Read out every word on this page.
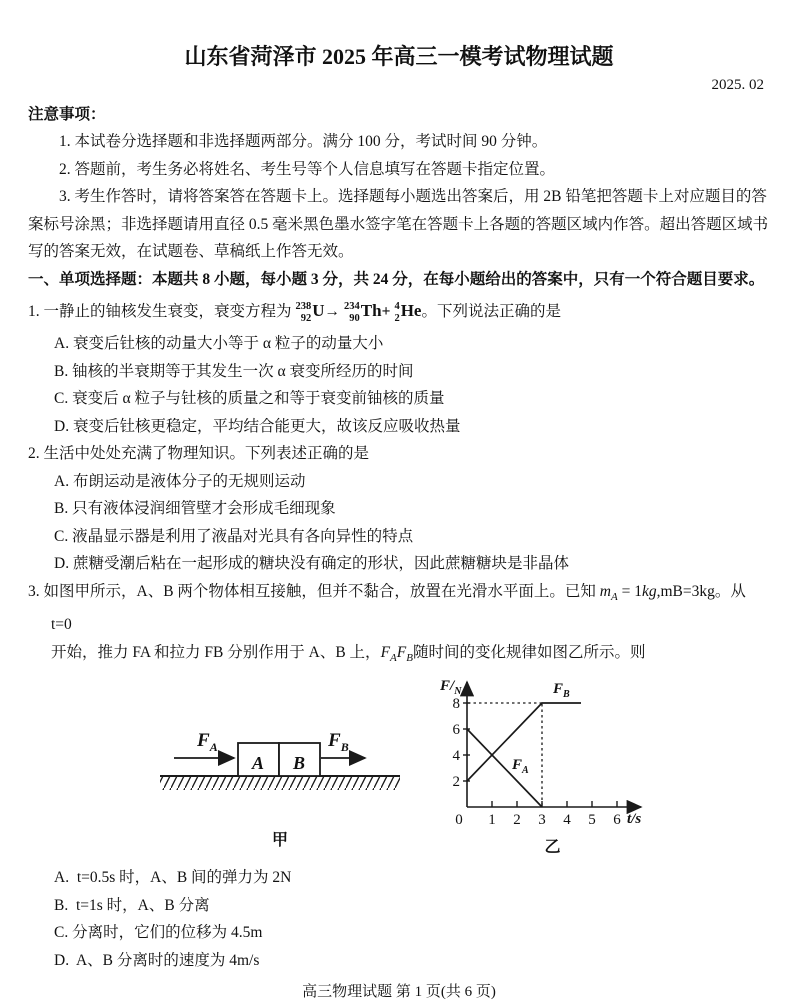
山东省菏泽市 2025 年高三一模考试物理试题
2025. 02
注意事项：

1. 本试卷分选择题和非选择题两部分。满分 100 分，考试时间 90 分钟。

2. 答题前，考生务必将姓名、考生号等个人信息填写在答题卡指定位置。

3. 考生作答时，请将答案答在答题卡上。选择题每小题选出答案后，用 2B 铅笔把答题卡上对应题目的答案标号涂黑；非选择题请用直径 0.5 毫米黑色墨水签字笔在答题卡上各题的答题区域内作答。超出答题区域书写的答案无效，在试题卷、草稿纸上作答无效。

一、单项选择题：本题共 8 小题，每小题 3 分，共 24 分，在每小题给出的答案中，只有一个符合题目要求。

1. 一静止的铀核发生衰变，衰变方程为 238
92 U→ 234
90 Th+ 4
2 He。下列说法正确的是

A. 衰变后钍核的动量大小等于 α 粒子的动量大小

B. 铀核的半衰期等于其发生一次 α 衰变所经历的时间

C. 衰变后 α 粒子与钍核的质量之和等于衰变前铀核的质量

D. 衰变后钍核更稳定，平均结合能更大，故该反应吸收热量

2. 生活中处处充满了物理知识。下列表述正确的是

A. 布朗运动是液体分子的无规则运动

B. 只有液体浸润细管壁才会形成毛细现象

C. 液晶显示器是利用了液晶对光具有各向异性的特点

D. 蔗糖受潮后粘在一起形成的糖块没有确定的形状，因此蔗糖糖块是非晶体

3. 如图甲所示，A、B 两个物体相互接触，但并不黏合，放置在光滑水平面上。已知 $m_A = 1kg,mB=3kg$。从 t=0
开始，推力 FA 和拉力 FB 分别作用于 A、B 上，$F_AF_B$随时间的变化规律如图乙所示。则

A B
$F_A$	$F_B$
甲
$F/_N$
t/s
8
6
4
2
0 1 2 3 4 5 6
$F_A$
$F_B$
乙

A.  t=0.5s 时，A、B 间的弹力为 2N

B.  t=1s 时，A、B 分离

C. 分离时，它们的位移为 4.5m

D.  A、B 分离时的速度为 4m/s

高三物理试题 第 1 页(共 6 页)
